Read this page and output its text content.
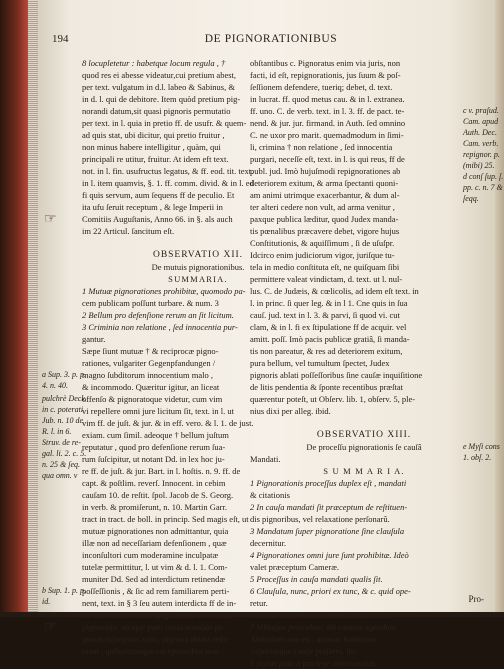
194	DE PIGNORATIONIBUS

8 locupletetur : habetque locum regula , †

quod res ei abesse videatur,cui pretium abest,

per text. vulgatum in d.l. labeo & Sabinus, &

in d. l. qui de debitore. Item quòd pretium pig-

norandi datum,sit quasi pignoris permutatio

per text. in l. quia in pretio ff. de usufr. & quem-

ad quis stat, ubi dicitur, qui pretio fruitur ,

non minus habere intelligitur , quàm, qui

principali re utitur, fruitur. At idem eft text.

not. in l. fin. usufructus legatus, & ff. eod. tit. text.

in l. item quamvis, §. 1. ff. comm. divid. & in l. ed

fi quis servum, aum ſequens ff de peculio. Et

ita ufu ſeruit receptum , & lege Imperii in

Comitiis Auguſtanis, Anno 66. in §. als auch

im 22 Articul. ſancitum eſt.

OBSERVATIO XII.

De mutuis pignorationibus.

SUMMARIA.

1 Mutuæ pignorationes prohibitæ, quomodo pa-

cem publicam poſſunt turbare. & num. 3

2 Bellum pro defenſione rerum an ſit licitum.

3 Criminia non relatione , ſed innocentia pur-

gantur.

Sæpe ſiunt mutuæ † & reciprocæ pigno-

rationes, vulgariter Gegenpfandungen /

magno ſubditorum innocentium malo ,

& incommodo. Quæritur igitur, an liceat

offenſo & pignoratoque videtur, cum vim

vi repellere omni jure licitum ſit, text. in l. ut

vim ff. de juſt. & jur. & in eff. vero. & l. 1. de just.

exiam. cum ſimil. adeoque † bellum juſtum

reputatur , quod pro defenſione rerum ſua-

rum ſuſcipitur, ut notant Dd. in lex hoc ju-

re ff. de juſt. & jur. Bart. in l. hoſtis. n. 9. ff. de

capt. & poſtlim. reverſ. Innocent. in cebim

cauſam 10. de reſtit. ſpol. Jacob de S. Georg.

in verb. & promiſerunt, n. 10. Martin Garr.

tract in tract. de boll. in princip. Sed magis eſt, ut

mutuæ pignorationes non admittantur, quia

illæ non ad neceſſariam defenſionem , quæ

inconſultori cum moderamine inculpatæ

tutelæ permittitur, l. ut vim & d. l. 1. Com-

muniter Dd. Sed ad interdictum retinendæ

poſſeſſionis , & ſic ad rem familiarem perti-

nent, text. in § 3 ſeu autem interdicta ff de in-

pignoratio, utrique parti cauſa mandati pi-

gnoris injungitur, utſic, pignora ablata reſti-

tuant , quibuſcumque exceptionibus non

obſtantibus c. Pignoratus enim via juris, non

facti, id eſt, repignorationis, jus ſuum & poſ-

ſeſſionem defendere, tueriq; debet, d. text.

in lucrat. ff. quod metus cau. & in l. extranea.

ff. uno. C. de verb. text. in l. 3. ff. de pact. te-

nend. & jur. jur. firmand. in Auth. ſed omnino

C. ne uxor pro marit. quemadmodum in ſimi-

li, crimina † non relatione , ſed innocentia

purgari, neceſſe eſt, text. in l. is qui reus, ff de

publ. jud. Imò hujuſmodi repignorationes ab

deteriorem exitum, & arma ſpectanti quoni-

am animi utrimque exacerbantur, & dum al-

ter alteri cedere non vult, ad arma venitur ,

paxque publica læditur, quod Judex manda-

tis pœnalibus præcavere debet, vigore hujus

Conſtitutionis, & aquiſſimum , ſi de uſuſpr.

Idcirco enim judiciorum vigor, juriſque tu-

tela in medio conſtituta eſt, ne quiſquam ſibi

permittere valeat vindictam, d. text. ut l. nul-

lus. C. de Judæis, & cœlicolis, ad idem eſt text. in

l. in princ. ſi quer leg. & in l 1. Cne quis in ſua

cauſ. jud. text in l. 3. & parvi, ſi quod vi. cut

clam, & in l. fi ex ſtipulatione ff de acquir. vel

amitt. poſſ. Imò pacis publicæ gratiâ, ſi manda-

tis non pareatur, & res ad deteriorem exitum,

pura bellum, vel tumultum ſpectet, Judex

pignoris ablati poſſeſſoribus ſine cauſæ inquiſitione

de litis pendentia & ſponte recentibus præſtat

quærentur poteſt, ut Obſerv. lib. 1, obſerv. 5, ple-

nius dixi per alleg. ibid.

OBSERVATIO XIII.

De proceſſu pignorationis ſe cauſâ

Mandati.

S U M M A R I A.

1 Pignorationis proceſſus duplex eſt , mandati

& citationis

2 In cauſa mandati ſit præceptum de reſtituen-

dis pignoribus, vel relaxatione perſonarû.

3 Mandatum ſuper pignoratione ſine clauſula

decernitur.

4 Pignorationes omni jure ſunt prohibitæ. Ideò

valet præceptum Cameræ.

5 Proceſſus in cauſa mandati qualis ſit.

6 Clauſula, nunc, priori ex tunc, & c. quid ope-

retur.

7 Vilmajus periculum, ibi cautius agendum.

Abſurdum non eſt , animus hominum

cujuſcunque cauſæ praſervi, ibi.

8 Stylus judicii pro lege obſervandus.

a Sup. 3. p.
4. n. 40.
pulchrè Deck
in c. poterati
Jub. n. 10 de
R. l. in 6.
Struv. de re-
gal. li. 2. c.
n. 25 & ſeq.
qua omn. v
b Sup. 1. p.
id.
c v. praſud.
Cam. apud
Auth. Dec.
Cam. verb.
repignor. p.
(mibi) 25.
d conſ ſup. ſ.
pp. c. n. 7 &
ſeqq.
e Myſi cons
1. obſ. 2.
☞
☞
Pro-
